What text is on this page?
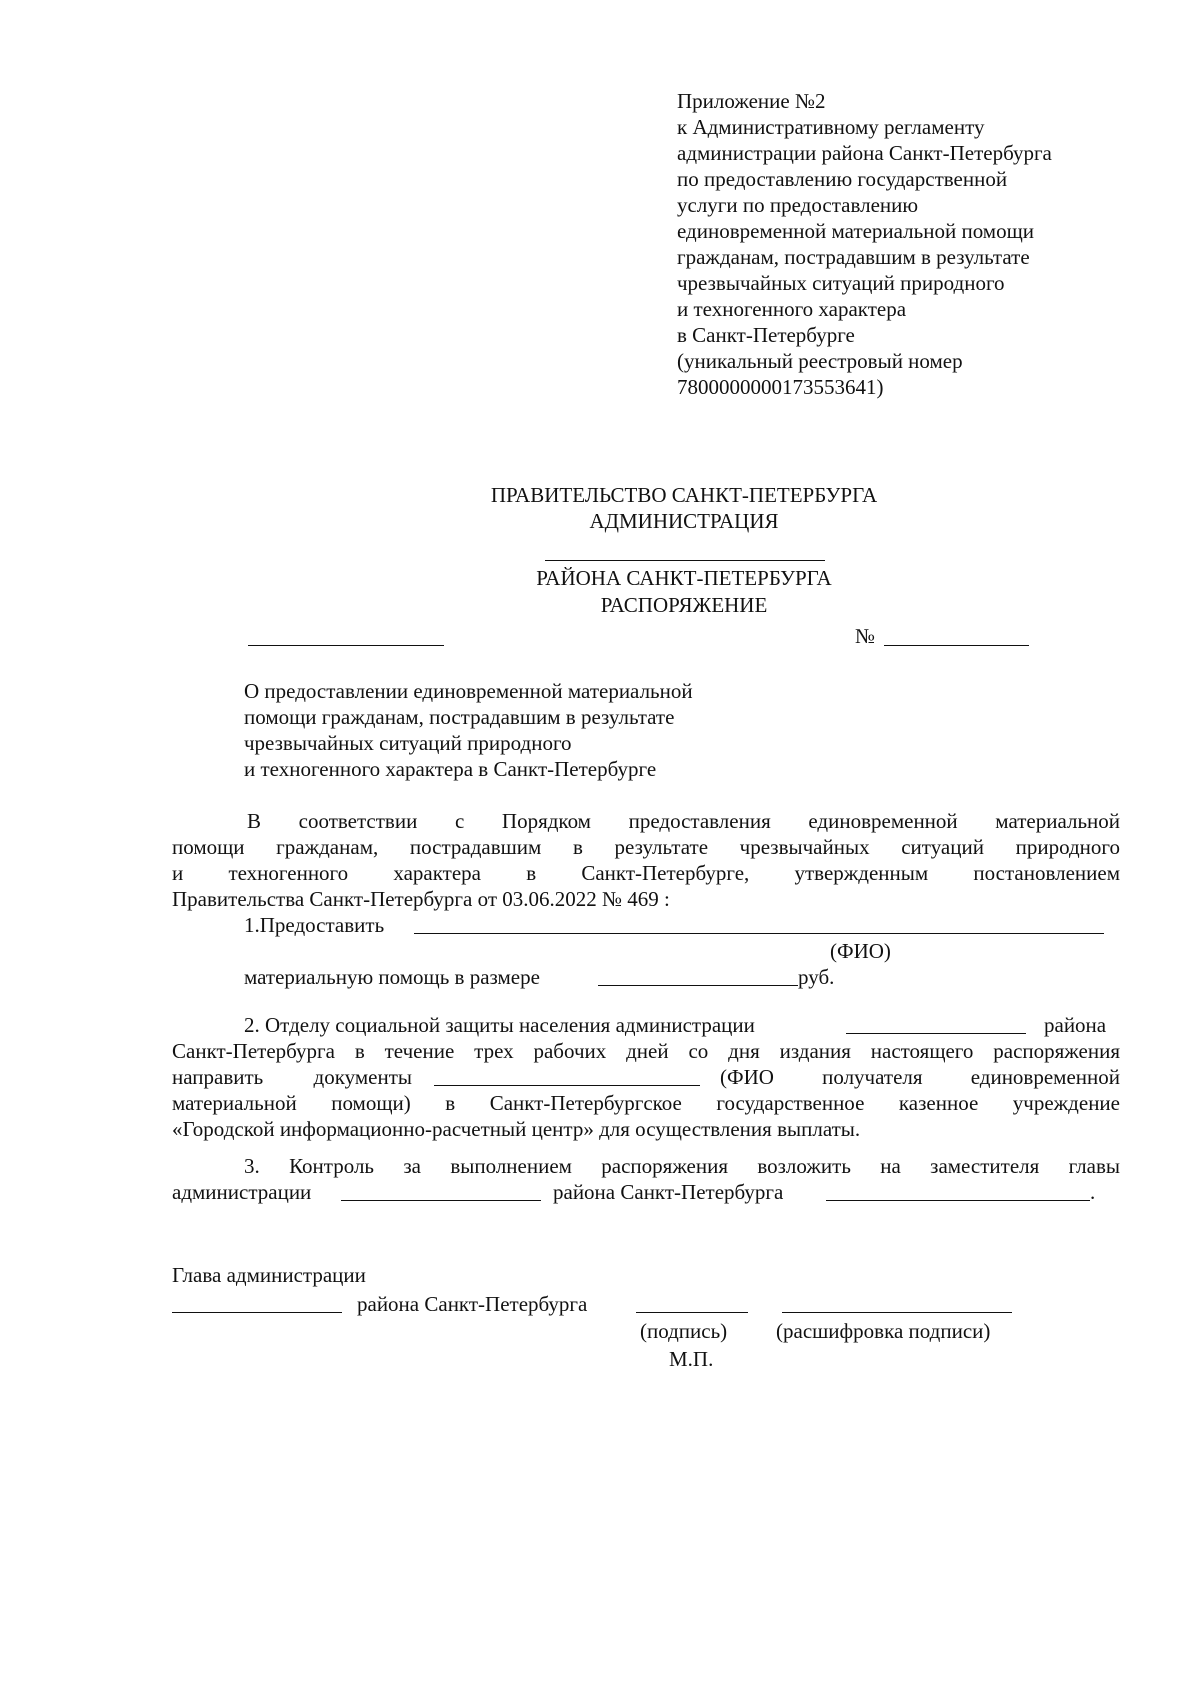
Приложение №2
к Административному регламенту
администрации района Санкт-Петербурга
по предоставлению государственной
услуги по предоставлению
единовременной материальной помощи
гражданам, пострадавшим в результате
чрезвычайных ситуаций природного
и техногенного характера
в Санкт-Петербурге
(уникальный реестровый номер
7800000000173553641)
ПРАВИТЕЛЬСТВО САНКТ-ПЕТЕРБУРГА
АДМИНИСТРАЦИЯ
РАЙОНА САНКТ-ПЕТЕРБУРГА
РАСПОРЯЖЕНИЕ
№
О предоставлении единовременной материальной
помощи гражданам, пострадавшим в результате
чрезвычайных ситуаций природного
и техногенного характера в Санкт-Петербурге
В соответствии с Порядком предоставления единовременной материальной
помощи гражданам, пострадавшим в результате чрезвычайных ситуаций природного
и техногенного характера в Санкт-Петербурге, утвержденным постановлением
Правительства Санкт-Петербурга от 03.06.2022 № 469 :
1.Предоставить
(ФИО)
материальную помощь в размере	руб.
2. Отделу социальной защиты населения администрации	района
Санкт-Петербурга в течение трех рабочих дней со дня издания настоящего распоряжения
направить документы	(ФИО получателя единовременной
материальной помощи) в Санкт-Петербургское государственное казенное учреждение
«Городской информационно-расчетный центр» для осуществления выплаты.
3. Контроль за выполнением распоряжения возложить на заместителя главы
администрации	района Санкт-Петербурга	.
Глава администрации
района Санкт-Петербурга
(подпись) (расшифровка подписи)
М.П.
